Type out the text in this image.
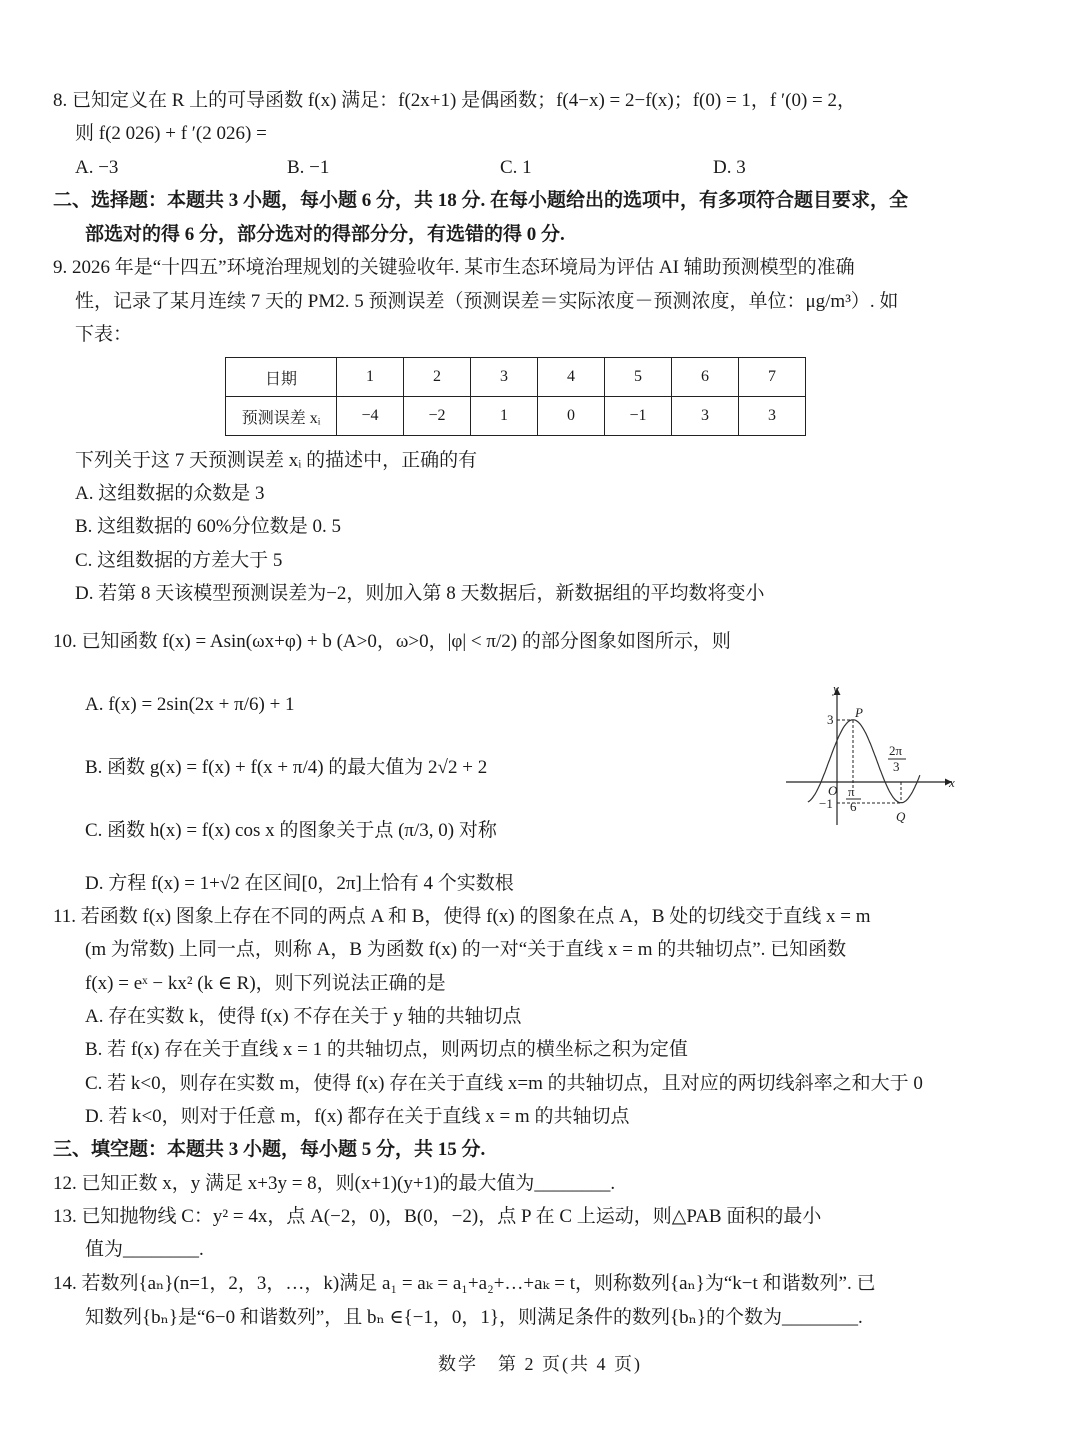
8. 已知定义在 R 上的可导函数 f(x) 满足：f(2x+1) 是偶函数；f(4−x) = 2−f(x)；f(0) = 1，f ′(0) = 2，
则 f(2 026) + f ′(2 026) =
A. −3	B. −1	C. 1	D. 3
二、选择题：本题共 3 小题，每小题 6 分，共 18 分. 在每小题给出的选项中，有多项符合题目要求，全
部选对的得 6 分，部分选对的得部分分，有选错的得 0 分.
9. 2026 年是“十四五”环境治理规划的关键验收年. 某市生态环境局为评估 AI 辅助预测模型的准确
性，记录了某月连续 7 天的 PM2. 5 预测误差（预测误差＝实际浓度－预测浓度，单位：μg/m³）. 如
下表：
日期	1	2	3	4	5	6	7
预测误差 xᵢ	−4	−2	1	0	−1	3	3
下列关于这 7 天预测误差 xᵢ 的描述中，正确的有
A. 这组数据的众数是 3
B. 这组数据的 60%分位数是 0. 5
C. 这组数据的方差大于 5
D. 若第 8 天该模型预测误差为−2，则加入第 8 天数据后，新数据组的平均数将变小
10. 已知函数 f(x) = Asin(ωx+φ) + b (A>0，ω>0，|φ| < π/2) 的部分图象如图所示，则
A. f(x) = 2sin(2x + π/6) + 1
B. 函数 g(x) = f(x) + f(x + π/4) 的最大值为 2√2 + 2
C. 函数 h(x) = f(x) cos x 的图象关于点 (π/3, 0) 对称
D. 方程 f(x) = 1+√2 在区间[0，2π]上恰有 4 个实数根
y
x
O
P
Q
3
−1
π
6
2π
3
11. 若函数 f(x) 图象上存在不同的两点 A 和 B，使得 f(x) 的图象在点 A，B 处的切线交于直线 x = m
(m 为常数) 上同一点，则称 A，B 为函数 f(x) 的一对“关于直线 x = m 的共轴切点”. 已知函数
f(x) = eˣ − kx² (k ∈ R)，则下列说法正确的是
A. 存在实数 k，使得 f(x) 不存在关于 y 轴的共轴切点
B. 若 f(x) 存在关于直线 x = 1 的共轴切点，则两切点的横坐标之积为定值
C. 若 k<0，则存在实数 m，使得 f(x) 存在关于直线 x=m 的共轴切点，且对应的两切线斜率之和大于 0
D. 若 k<0，则对于任意 m，f(x) 都存在关于直线 x = m 的共轴切点
三、填空题：本题共 3 小题，每小题 5 分，共 15 分.
12. 已知正数 x，y 满足 x+3y = 8，则(x+1)(y+1)的最大值为________.
13. 已知抛物线 C：y² = 4x，点 A(−2，0)，B(0，−2)，点 P 在 C 上运动，则△PAB 面积的最小
值为________.
14. 若数列{aₙ}(n=1，2，3，…，k)满足 a₁ = aₖ = a₁+a₂+…+aₖ = t，则称数列{aₙ}为“k−t 和谐数列”. 已
知数列{bₙ}是“6−0 和谐数列”，且 bₙ ∈{−1，0，1}，则满足条件的数列{bₙ}的个数为________.
数学　第 2 页(共 4 页)
